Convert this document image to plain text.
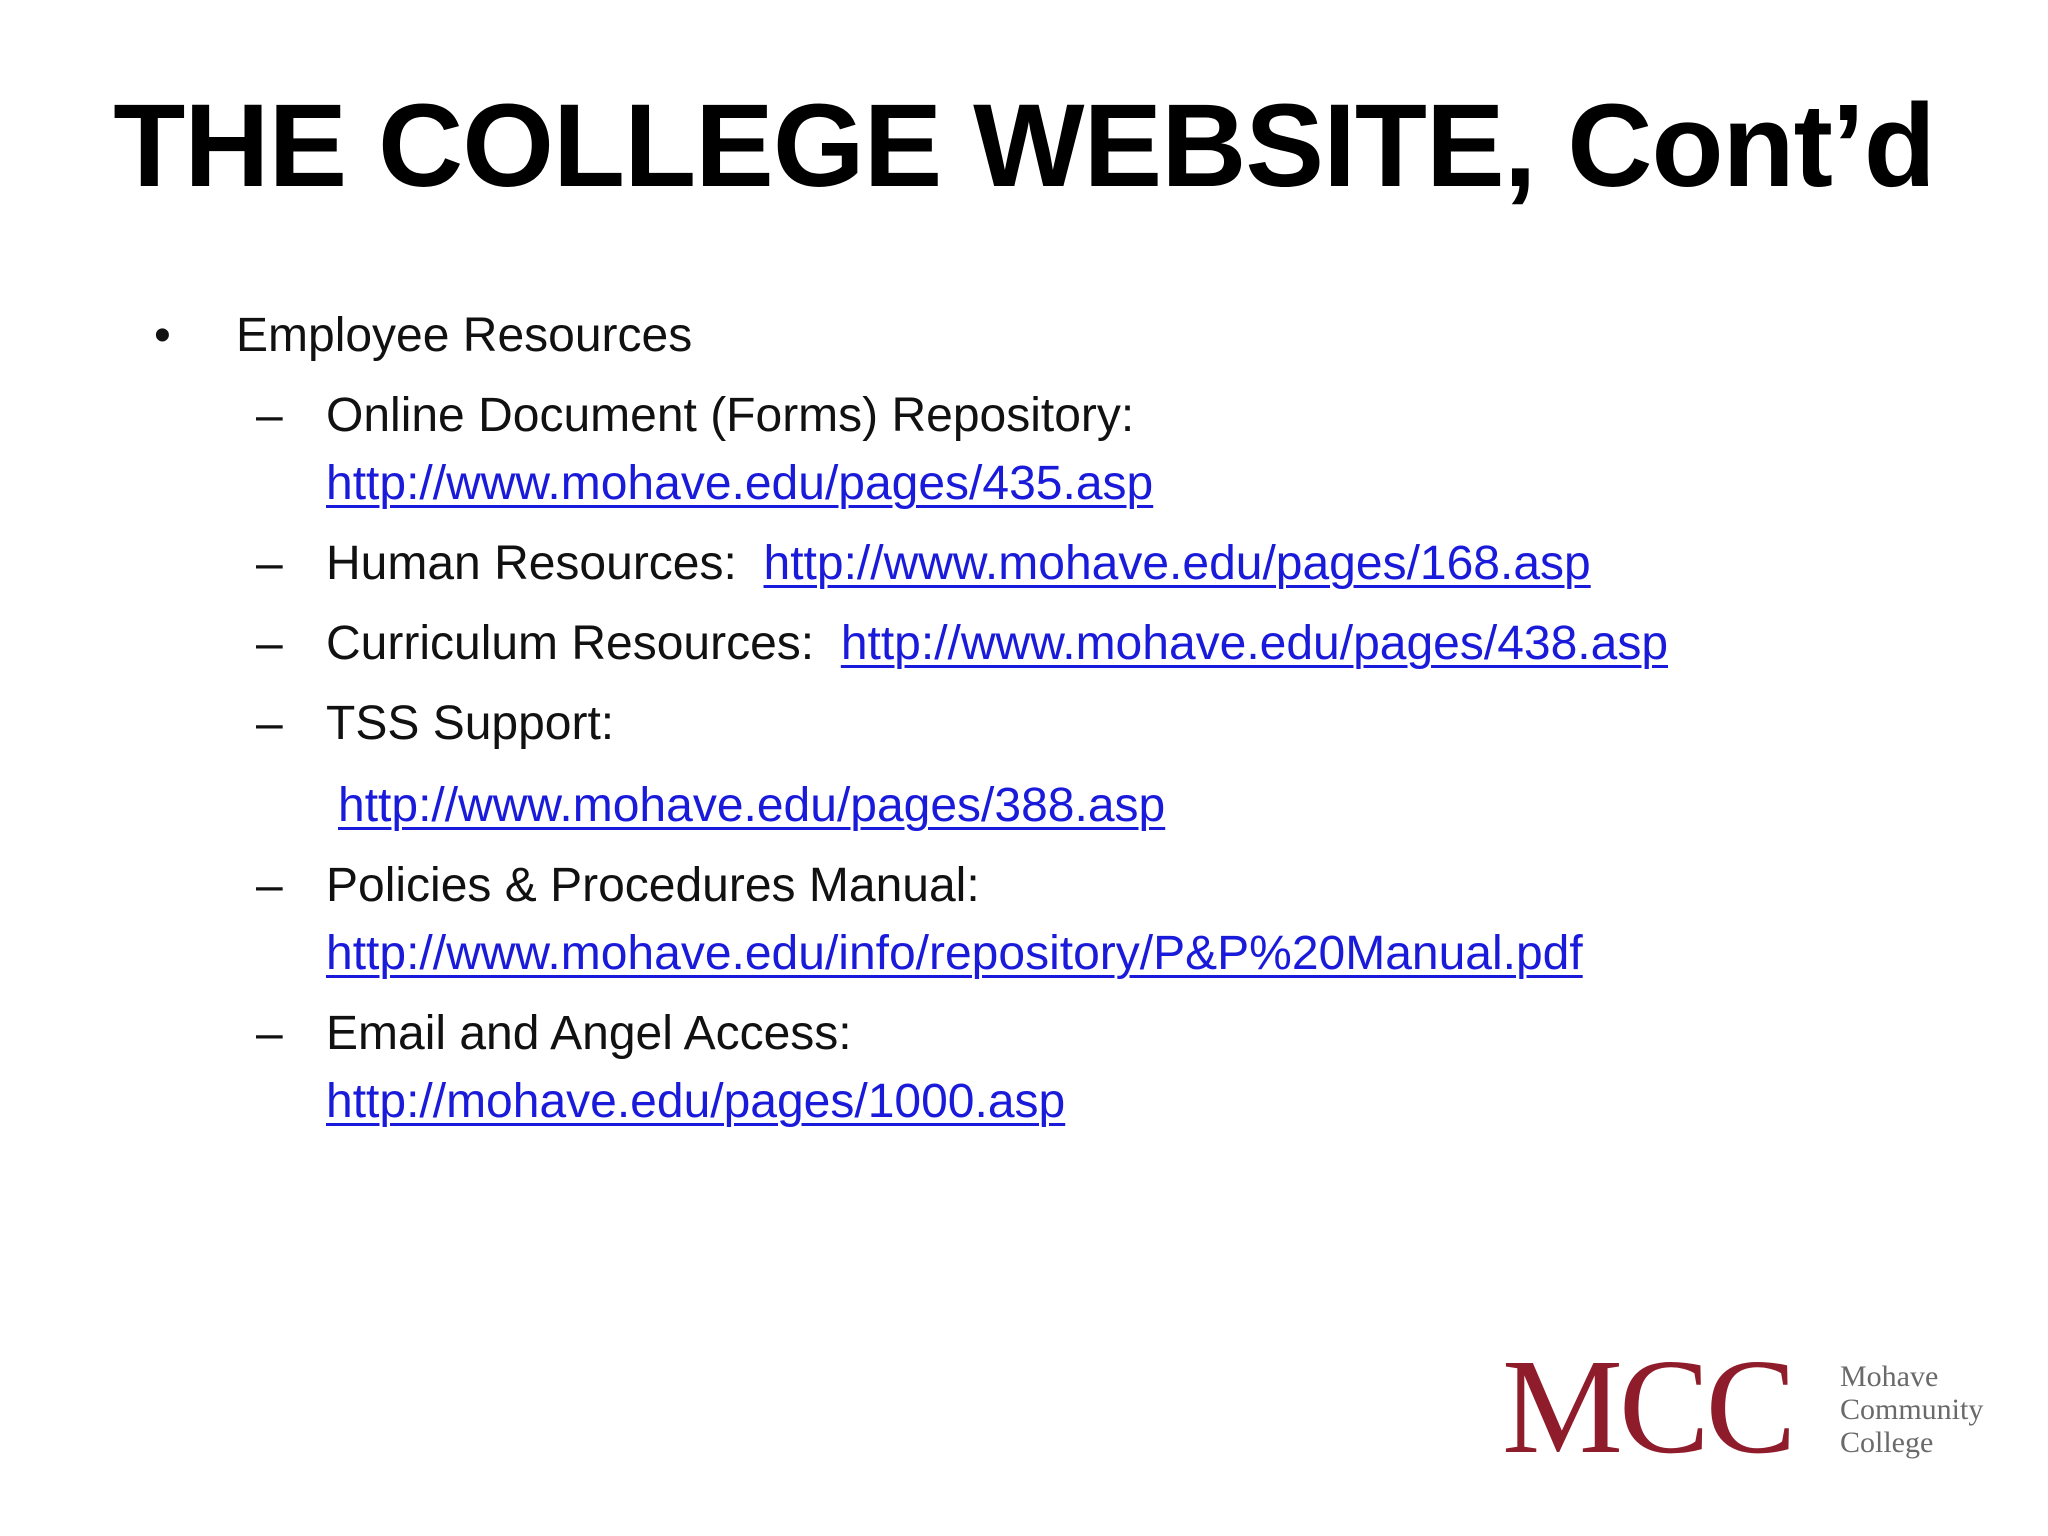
THE COLLEGE WEBSITE, Cont’d
• Employee Resources
– Online Document (Forms) Repository:
http://www.mohave.edu/pages/435.asp
– Human Resources: http://www.mohave.edu/pages/168.asp
– Curriculum Resources: http://www.mohave.edu/pages/438.asp
– TSS Support:
http://www.mohave.edu/pages/388.asp
– Policies & Procedures Manual:
http://www.mohave.edu/info/repository/P&P%20Manual.pdf
– Email and Angel Access:
http://mohave.edu/pages/1000.asp
MCC Mohave
Community
College
